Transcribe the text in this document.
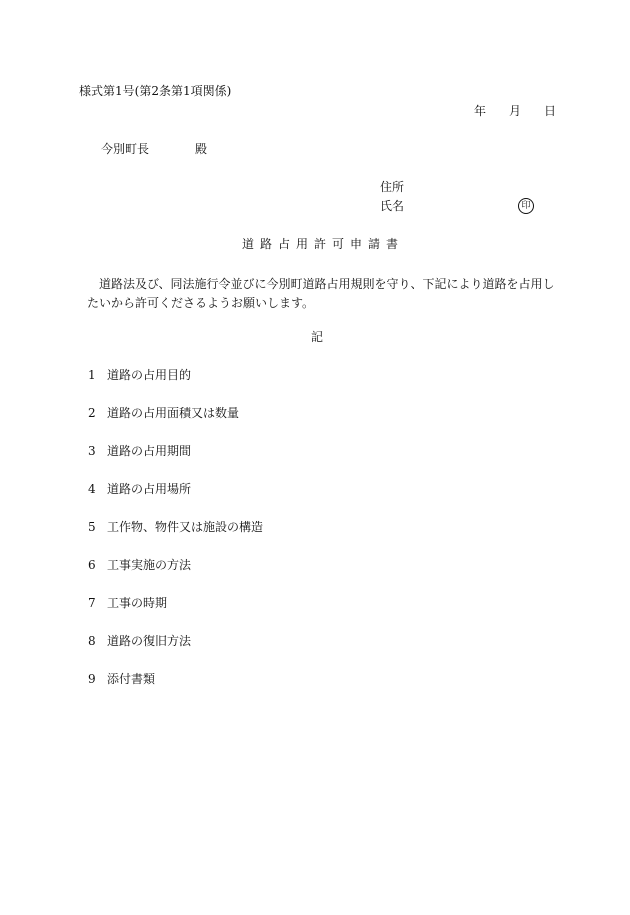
様式第1号(第2条第1項関係)
年 月 日
今別町長	殿
住所
氏名	印
道路占用許可申請書
道路法及び、同法施行令並びに今別町道路占用規則を守り、下記により道路を占用したいから許可くださるようお願いします。
記
1 道路の占用目的
2 道路の占用面積又は数量
3 道路の占用期間
4 道路の占用場所
5 工作物、物件又は施設の構造
6 工事実施の方法
7 工事の時期
8 道路の復旧方法
9 添付書類
